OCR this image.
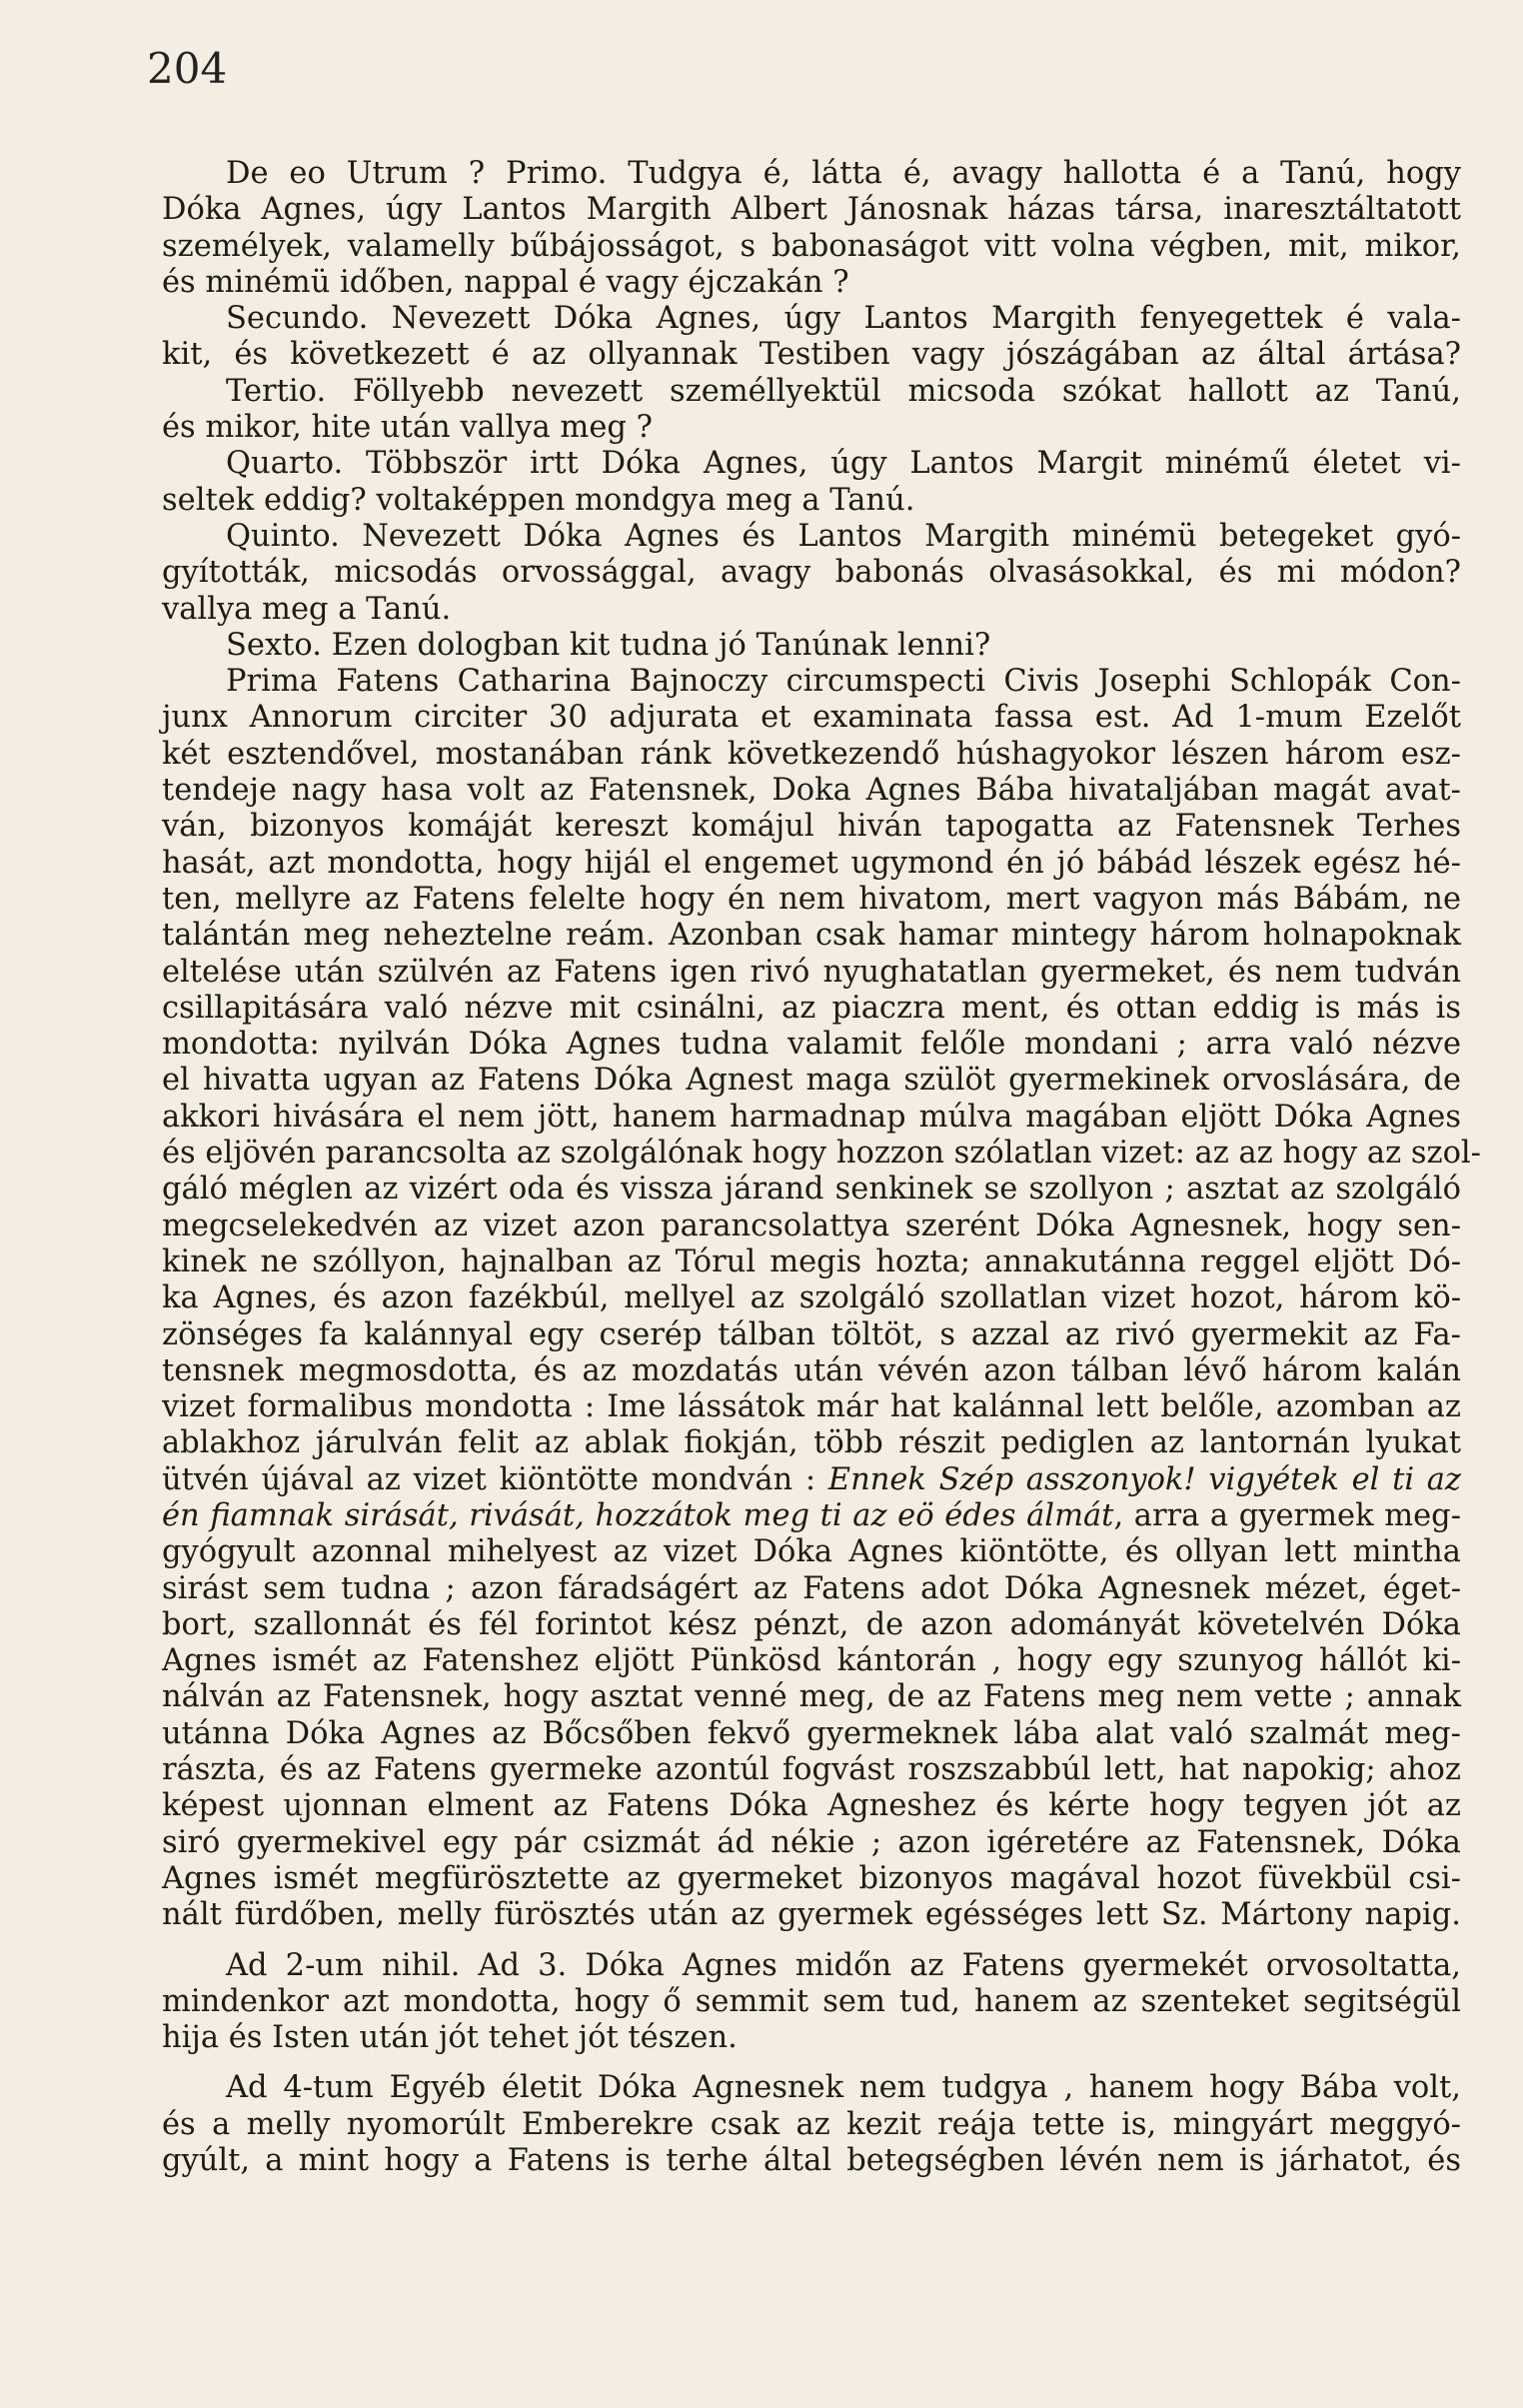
204
De eo Utrum ? Primo. Tudgya é, látta é, avagy hallotta é a Tanú, hogy
Dóka Agnes, úgy Lantos Margith Albert Jánosnak házas társa, inaresztáltatott
személyek, valamelly bűbájosságot, s babonaságot vitt volna végben, mit, mikor,
és minémü időben, nappal é vagy éjczakán ?
Secundo. Nevezett Dóka Agnes, úgy Lantos Margith fenyegettek é vala-
kit, és következett é az ollyannak Testiben vagy jószágában az által ártása?
Tertio. Föllyebb nevezett személlyektül micsoda szókat hallott az Tanú,
és mikor, hite után vallya meg ?
Quarto. Többször irtt Dóka Agnes, úgy Lantos Margit minémű életet vi-
seltek eddig? voltaképpen mondgya meg a Tanú.
Quinto. Nevezett Dóka Agnes és Lantos Margith minémü betegeket gyó-
gyították, micsodás orvossággal, avagy babonás olvasásokkal, és mi módon?
vallya meg a Tanú.
Sexto. Ezen dologban kit tudna jó Tanúnak lenni?
Prima Fatens Catharina Bajnoczy circumspecti Civis Josephi Schlopák Con-
junx Annorum circiter 30 adjurata et examinata fassa est. Ad 1-mum Ezelőt
két esztendővel, mostanában ránk következendő húshagyokor lészen három esz-
tendeje nagy hasa volt az Fatensnek, Doka Agnes Bába hivataljában magát avat-
ván, bizonyos komáját kereszt komájul hiván tapogatta az Fatensnek Terhes
hasát, azt mondotta, hogy hijál el engemet ugymond én jó bábád lészek egész hé-
ten, mellyre az Fatens felelte hogy én nem hivatom, mert vagyon más Bábám, ne
talántán meg neheztelne reám. Azonban csak hamar mintegy három holnapoknak
eltelése után szülvén az Fatens igen rivó nyughatatlan gyermeket, és nem tudván
csillapitására való nézve mit csinálni, az piaczra ment, és ottan eddig is más is
mondotta: nyilván Dóka Agnes tudna valamit felőle mondani ; arra való nézve
el hivatta ugyan az Fatens Dóka Agnest maga szülöt gyermekinek orvoslására, de
akkori hivására el nem jött, hanem harmadnap múlva magában eljött Dóka Agnes
és eljövén parancsolta az szolgálónak hogy hozzon szólatlan vizet: az az hogy az szol-
gáló méglen az vizért oda és vissza járand senkinek se szollyon ; asztat az szolgáló
megcselekedvén az vizet azon parancsolattya szerént Dóka Agnesnek, hogy sen-
kinek ne szóllyon, hajnalban az Tórul megis hozta; annakutánna reggel eljött Dó-
ka Agnes, és azon fazékbúl, mellyel az szolgáló szollatlan vizet hozot, három kö-
zönséges fa kalánnyal egy cserép tálban töltöt, s azzal az rivó gyermekit az Fa-
tensnek megmosdotta, és az mozdatás után vévén azon tálban lévő három kalán
vizet formalibus mondotta : Ime lássátok már hat kalánnal lett belőle, azomban az
ablakhoz járulván felit az ablak fiokján, több részit pediglen az lantornán lyukat
ütvén újával az vizet kiöntötte mondván : Ennek Szép asszonyok! vigyétek el ti az
én fiamnak sirását, rivását, hozzátok meg ti az eö édes álmát, arra a gyermek meg-
gyógyult azonnal mihelyest az vizet Dóka Agnes kiöntötte, és ollyan lett mintha
sirást sem tudna ; azon fáradságért az Fatens adot Dóka Agnesnek mézet, éget-
bort, szallonnát és fél forintot kész pénzt, de azon adományát követelvén Dóka
Agnes ismét az Fatenshez eljött Pünkösd kántorán , hogy egy szunyog hállót ki-
nálván az Fatensnek, hogy asztat venné meg, de az Fatens meg nem vette ; annak
utánna Dóka Agnes az Bőcsőben fekvő gyermeknek lába alat való szalmát meg-
rászta, és az Fatens gyermeke azontúl fogvást roszszabbúl lett, hat napokig; ahoz
képest ujonnan elment az Fatens Dóka Agneshez és kérte hogy tegyen jót az
siró gyermekivel egy pár csizmát ád nékie ; azon igéretére az Fatensnek, Dóka
Agnes ismét megfürösztette az gyermeket bizonyos magával hozot füvekbül csi-
nált fürdőben, melly fürösztés után az gyermek egésséges lett Sz. Mártony napig.
Ad 2-um nihil. Ad 3. Dóka Agnes midőn az Fatens gyermekét orvosoltatta,
mindenkor azt mondotta, hogy ő semmit sem tud, hanem az szenteket segitségül
hija és Isten után jót tehet jót tészen.
Ad 4-tum Egyéb életit Dóka Agnesnek nem tudgya , hanem hogy Bába volt,
és a melly nyomorúlt Emberekre csak az kezit reája tette is, mingyárt meggyó-
gyúlt, a mint hogy a Fatens is terhe által betegségben lévén nem is járhatot, és
